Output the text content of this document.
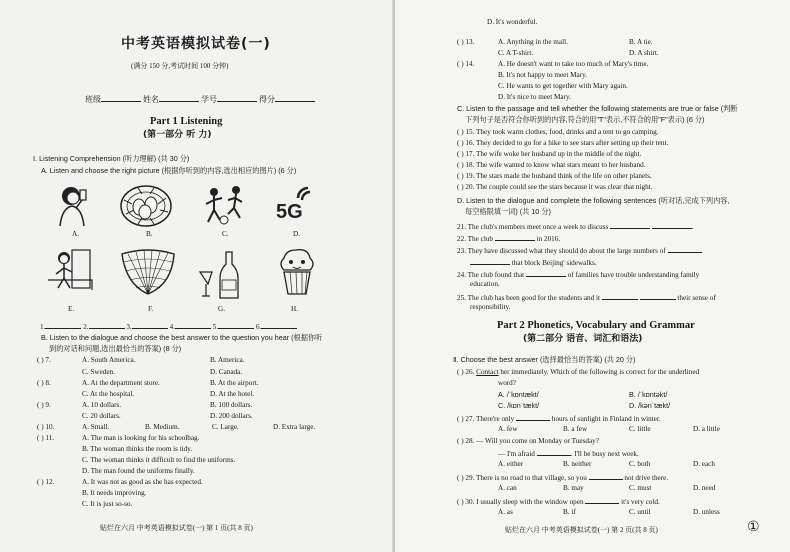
中考英语模拟试卷(一)
(满分 150 分,考试时间 100 分钟)
班级	姓名	学号	得分
Part 1 Listening
(第一部分 听 力)
Ⅰ. Listening Comprehension (听力理解) (共 30 分)
A. Listen and choose the right picture (根据你听到的内容,选出相应的图片) (6 分)
5G
A.	B.	C.	D.
E.	F.	G.	H.
1.	2.	3.	4.	5.	6.
B. Listen to the dialogue and choose the best answer to the question you hear (根据你听
到的对话和问题,选出最恰当的答案) (8 分)
( ) 7.	A. South America.	B. America.
C. Sweden.	D. Canada.
( ) 8.	A. At the department store.	B. At the airport.
C. At the hospital.	D. At the hotel.
( ) 9.	A. 10 dollars.	B. 100 dollars.
C. 20 dollars.	D. 200 dollars.
( ) 10.	A. Small.	B. Medium.	C. Large.	D. Extra large.
( ) 11.	A. The man is looking for his schoolbag.
B. The woman thinks the room is tidy.
C. The woman thinks it difficult to find the uniforms.
D. The man found the uniforms finally.
( ) 12.	A. It was not as good as she has expected.
B. It needs improving.
C. It is just so-so.
贴烂在六月 中考英语模拟试卷(一) 第 1 页(共 8 页)
D. It's wonderful.
( ) 13.	A. Anything in the mall.	B. A tie.
C. A T-shirt.	D. A shirt.
( ) 14.	A. He doesn't want to take too much of Mary's time.
B. It's not happy to meet Mary.
C. He wants to get together with Mary again.
D. It's nice to meet Mary.
C. Listen to the passage and tell whether the following statements are true or false (判断
下列句子是否符合你听到的内容,符合的用"T"表示,不符合的用"F"表示) (6 分)
( ) 15. They took warm clothes, food, drinks and a tent to go camping.
( ) 16. They decided to go for a hike to see stars after setting up their tent.
( ) 17. The wife woke her husband up in the middle of the night.
( ) 18. The wife wanted to know what stars meant to her husband.
( ) 19. The stars made the husband think of the life on other planets.
( ) 20. The couple could see the stars because it was clear that night.
D. Listen to the dialogue and complete the following sentences (听对话,完成下列内容,
每空格限填一词) (共 10 分)
21. The club's members meet once a week to discuss	.
22. The club	in 2016.
23. They have discussed what they should do about the large numbers of
that block Beijing' sidewalks.
24. The club found that	of families have trouble understanding family
education.
25. The club has been good for the students and it	their sense of
responsibility.
Part 2 Phonetics, Vocabulary and Grammar
(第二部分 语音、词汇和语法)
Ⅱ. Choose the best answer (选择最恰当的答案) (共 20 分)
( ) 26. Contact her immediately. Which of the following is correct for the underlined
word?
A. /ˈkɒntækt/	B. /ˈkɒntəkt/
C. /kɒnˈtækt/	D. /kənˈtækt/
( ) 27. There're only	hours of sunlight in Finland in winter.
A. few	B. a few	C. little	D. a little
( ) 28. — Will you come on Monday or Tuesday?
— I'm afraid	. I'll be busy next week.
A. either	B. neither	C. both	D. each
( ) 29. There is no road to that village, so you	not drive there.
A. can	B. may	C. must	D. need
( ) 30. I usually sleep with the window open	it's very cold.
A. as	B. if	C. until	D. unless
贴烂在六月 中考英语模拟试卷(一) 第 2 页(共 8 页)	①
